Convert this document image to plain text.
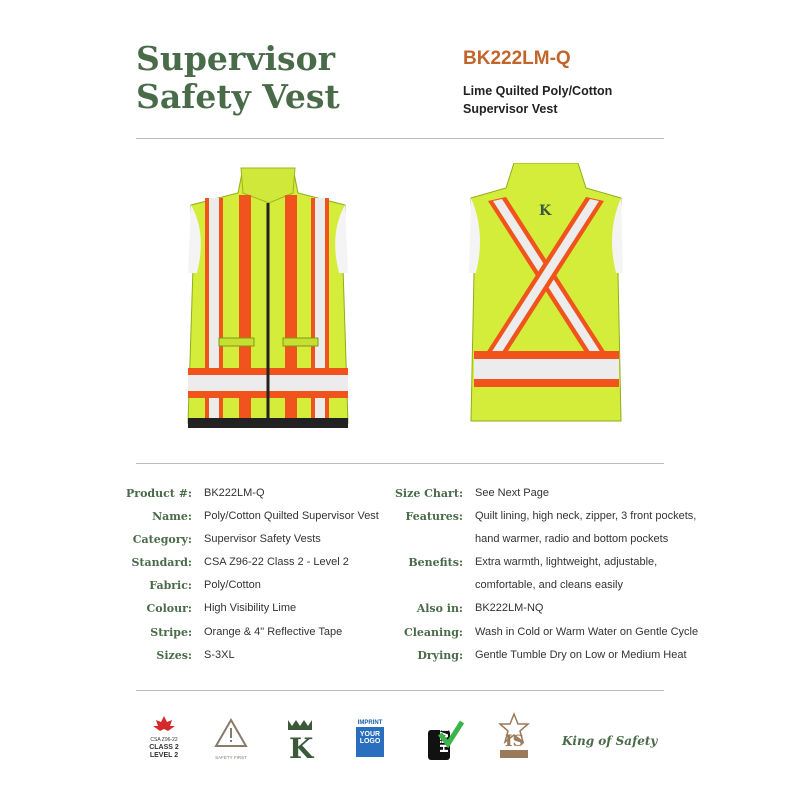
Supervisor Safety Vest
BK222LM-Q
Lime Quilted Poly/Cotton Supervisor Vest
K
Product #: BK222LM-Q
Name: Poly/Cotton Quilted Supervisor Vest
Category: Supervisor Safety Vests
Standard: CSA Z96-22 Class 2 - Level 2
Fabric: Poly/Cotton
Colour: High Visibility Lime
Stripe: Orange & 4" Reflective Tape
Sizes: S-3XL
Size Chart: See Next Page
Features: Quilt lining, high neck, zipper, 3 front pockets,
hand warmer, radio and bottom pockets
Benefits: Extra warmth, lightweight, adjustable,
comfortable, and cleans easily
Also in: BK222LM-NQ
Cleaning: Wash in Cold or Warm Water on Gentle Cycle
Drying: Gentle Tumble Dry on Low or Medium Heat
CSA Z96-22
CLASS 2
LEVEL 2	SAFETY FIRST K
IMPRINT
YOUR
LOGO	HiVis	IS	King of Safety
